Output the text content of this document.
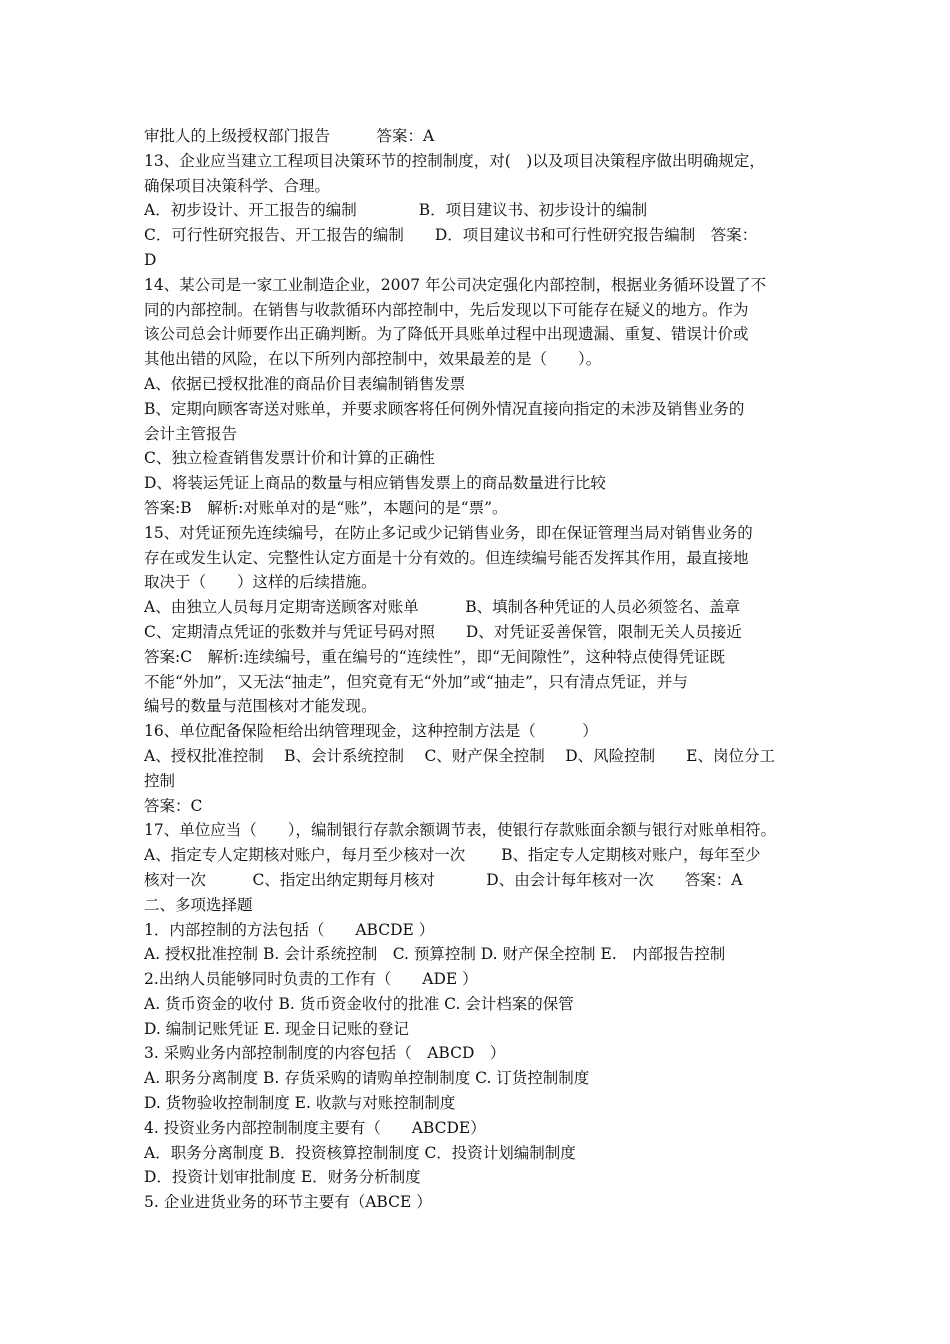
审批人的上级授权部门报告　　　答案：A
13、企业应当建立工程项目决策环节的控制制度，对(　)以及项目决策程序做出明确规定，
确保项目决策科学、合理。
A．初步设计、开工报告的编制　　　　B．项目建议书、初步设计的编制
C．可行性研究报告、开工报告的编制　　D．项目建议书和可行性研究报告编制　答案：
D
14、某公司是一家工业制造企业，2007 年公司决定强化内部控制，根据业务循环设置了不
同的内部控制。在销售与收款循环内部控制中，先后发现以下可能存在疑义的地方。作为
该公司总会计师要作出正确判断。为了降低开具账单过程中出现遗漏、重复、错误计价或
其他出错的风险，在以下所列内部控制中，效果最差的是（　　）。
A、依据已授权批准的商品价目表编制销售发票
B、定期向顾客寄送对账单，并要求顾客将任何例外情况直接向指定的未涉及销售业务的
会计主管报告
C、独立检查销售发票计价和计算的正确性
D、将装运凭证上商品的数量与相应销售发票上的商品数量进行比较
答案:B　解析:对账单对的是“账”，本题问的是“票”。
15、对凭证预先连续编号，在防止多记或少记销售业务，即在保证管理当局对销售业务的
存在或发生认定、完整性认定方面是十分有效的。但连续编号能否发挥其作用，最直接地
取决于（　　）这样的后续措施。
A、由独立人员每月定期寄送顾客对账单　　　B、填制各种凭证的人员必须签名、盖章
C、定期清点凭证的张数并与凭证号码对照　　D、对凭证妥善保管，限制无关人员接近
答案:C　解析:连续编号，重在编号的“连续性”，即“无间隙性”，这种特点使得凭证既
不能“外加”，又无法“抽走”，但究竟有无“外加”或“抽走”，只有清点凭证，并与
编号的数量与范围核对才能发现。
16、单位配备保险柜给出纳管理现金，这种控制方法是（　　　）
A、授权批准控制　 B、会计系统控制　 C、财产保全控制　 D、风险控制　　E、岗位分工
控制
答案：C
17、单位应当（　　），编制银行存款余额调节表，使银行存款账面余额与银行对账单相符。
A、指定专人定期核对账户，每月至少核对一次　　 B、指定专人定期核对账户，每年至少
核对一次　　　C、指定出纳定期每月核对　　　 D、由会计每年核对一次　　答案：A
二、多项选择题
1．内部控制的方法包括（　　ABCDE ）
A. 授权批准控制 B. 会计系统控制　C. 预算控制 D. 财产保全控制 E.　内部报告控制
2.出纳人员能够同时负责的工作有（　　ADE ）
A. 货币资金的收付 B. 货币资金收付的批准 C. 会计档案的保管
D. 编制记账凭证 E. 现金日记账的登记
3. 采购业务内部控制制度的内容包括（　ABCD　）
A. 职务分离制度 B. 存货采购的请购单控制制度 C. 订货控制制度
D. 货物验收控制制度 E. 收款与对账控制制度
4. 投资业务内部控制制度主要有（　　ABCDE）
A．职务分离制度 B．投资核算控制制度 C．投资计划编制制度
D．投资计划审批制度 E．财务分析制度
5. 企业进货业务的环节主要有（ABCE ）
